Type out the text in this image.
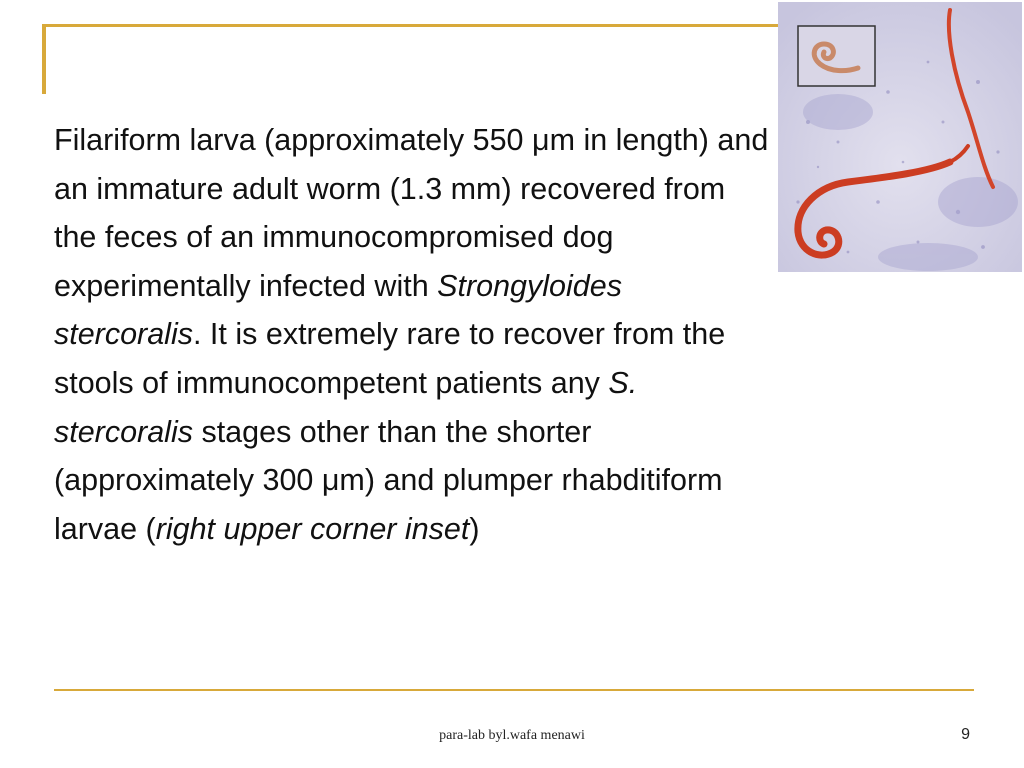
Filariform larva (approximately 550 μm in length) and an immature adult worm (1.3 mm) recovered from the feces of an immunocompromised dog experimentally infected with Strongyloides stercoralis. It is extremely rare to recover from the stools of immunocompetent patients any S. stercoralis stages other than the shorter (approximately 300 μm) and plumper rhabditiform larvae (right upper corner inset)

para-lab byl.wafa menawi	9
